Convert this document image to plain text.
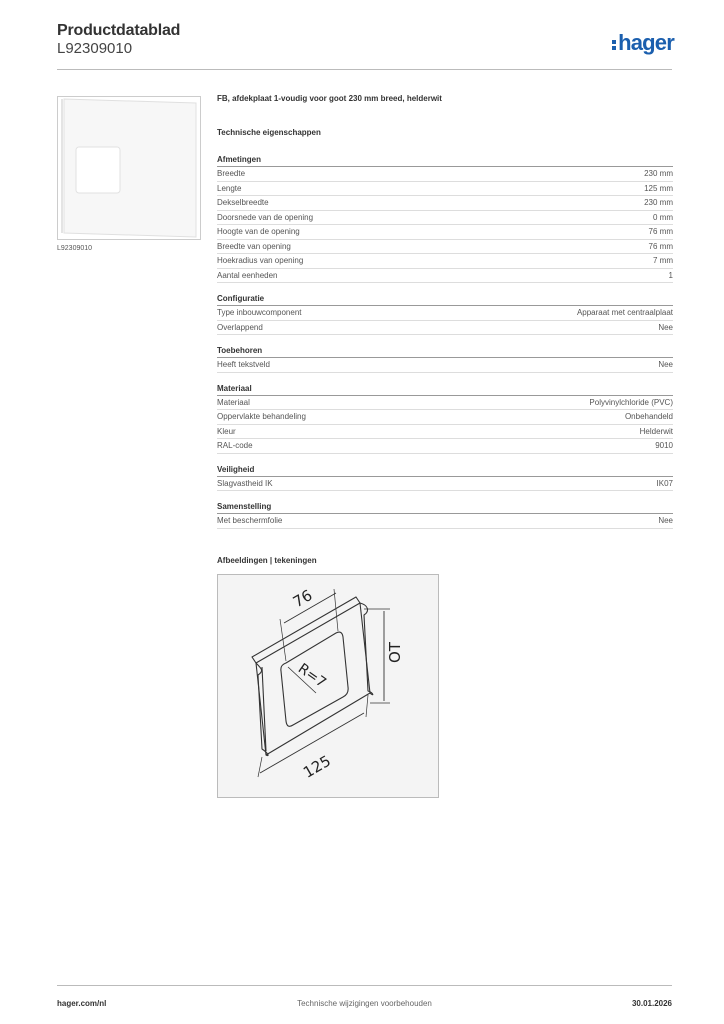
Productdatablad
L92309010	hager
L92309010
FB, afdekplaat 1-voudig voor goot 230 mm breed, helderwit
Technische eigenschappen
Afmetingen
Breedte	230 mm
Lengte	125 mm
Dekselbreedte	230 mm
Doorsnede van de opening	0 mm
Hoogte van de opening	76 mm
Breedte van opening	76 mm
Hoekradius van opening	7 mm
Aantal eenheden	1
Configuratie
Type inbouwcomponent	Apparaat met centraalplaat
Overlappend	Nee
Toebehoren
Heeft tekstveld	Nee
Materiaal
Materiaal	Polyvinylchloride (PVC)
Oppervlakte behandeling	Onbehandeld
Kleur	Helderwit
RAL-code	9010
Veiligheid
Slagvastheid IK	IK07
Samenstelling
Met beschermfolie	Nee
Afbeeldingen | tekeningen
76
OT
R=7
125
hager.com/nl	Technische wijzigingen voorbehouden	30.01.2026
